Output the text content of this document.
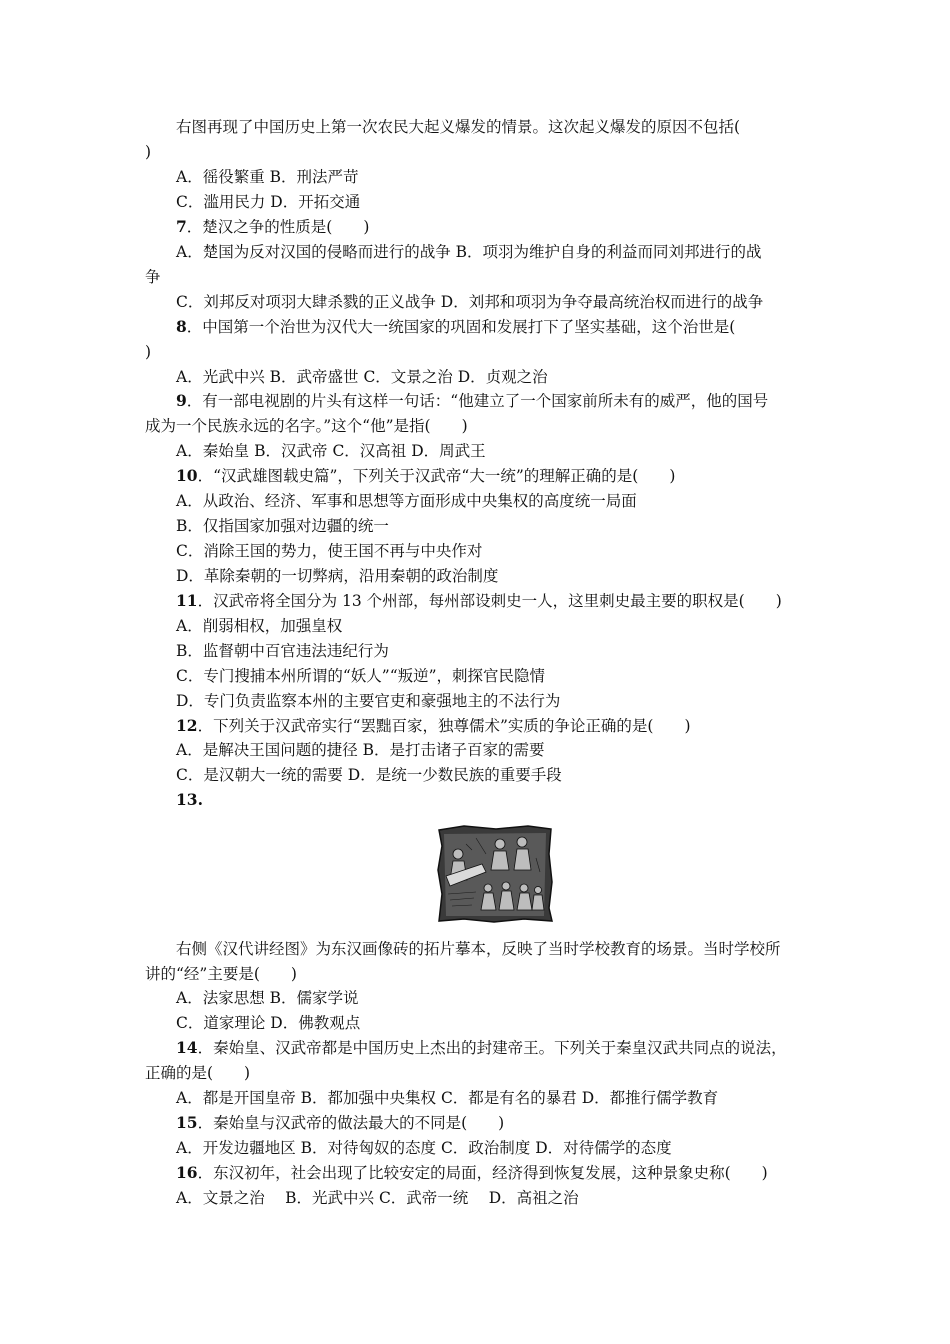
右图再现了中国历史上第一次农民大起义爆发的情景。这次起义爆发的原因不包括(
)
A．徭役繁重 B．刑法严苛
C．滥用民力 D．开拓交通
7．楚汉之争的性质是(　　)
A．楚国为反对汉国的侵略而进行的战争 B．项羽为维护自身的利益而同刘邦进行的战
争
C．刘邦反对项羽大肆杀戮的正义战争 D．刘邦和项羽为争夺最高统治权而进行的战争
8．中国第一个治世为汉代大一统国家的巩固和发展打下了坚实基础，这个治世是(
)
A．光武中兴 B．武帝盛世 C．文景之治 D．贞观之治
9．有一部电视剧的片头有这样一句话：“他建立了一个国家前所未有的威严，他的国号
成为一个民族永远的名字。”这个“他”是指(　　)
A．秦始皇 B．汉武帝 C．汉高祖 D．周武王
10．“汉武雄图载史篇”，下列关于汉武帝“大一统”的理解正确的是(　　)
A．从政治、经济、军事和思想等方面形成中央集权的高度统一局面
B．仅指国家加强对边疆的统一
C．消除王国的势力，使王国不再与中央作对
D．革除秦朝的一切弊病，沿用秦朝的政治制度
11．汉武帝将全国分为 13 个州部，每州部设刺史一人，这里刺史最主要的职权是(　　)
A．削弱相权，加强皇权
B．监督朝中百官违法违纪行为
C．专门搜捕本州所谓的“妖人”“叛逆”，刺探官民隐情
D．专门负责监察本州的主要官吏和豪强地主的不法行为
12．下列关于汉武帝实行“罢黜百家，独尊儒术”实质的争论正确的是(　　)
A．是解决王国问题的捷径 B．是打击诸子百家的需要
C．是汉朝大一统的需要 D．是统一少数民族的重要手段
13.
右侧《汉代讲经图》为东汉画像砖的拓片摹本，反映了当时学校教育的场景。当时学校所
讲的“经”主要是(　　)
A．法家思想 B．儒家学说
C．道家理论 D．佛教观点
14．秦始皇、汉武帝都是中国历史上杰出的封建帝王。下列关于秦皇汉武共同点的说法，
正确的是(　　)
A．都是开国皇帝 B．都加强中央集权 C．都是有名的暴君 D．都推行儒学教育
15．秦始皇与汉武帝的做法最大的不同是(　　)
A．开发边疆地区 B．对待匈奴的态度 C．政治制度 D．对待儒学的态度
16．东汉初年，社会出现了比较安定的局面，经济得到恢复发展，这种景象史称(　　)
A．文景之治 　B．光武中兴 C．武帝一统 　D．高祖之治
